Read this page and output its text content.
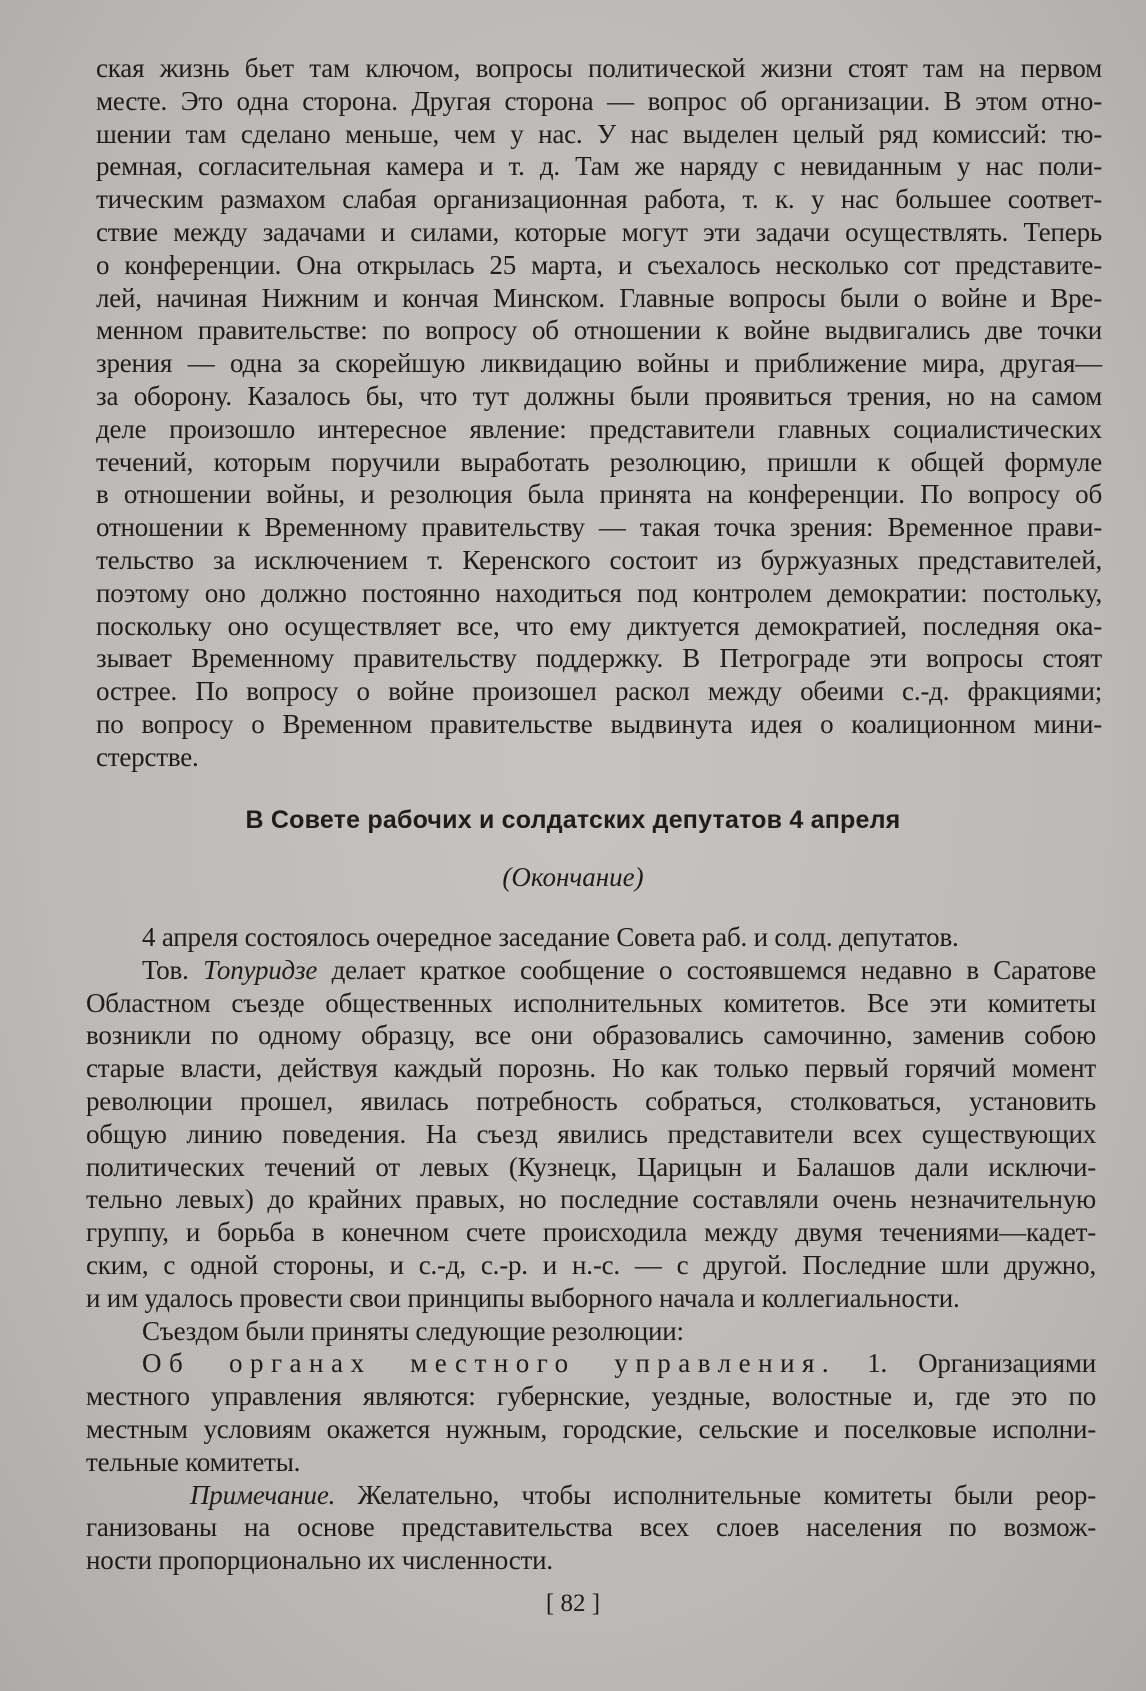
ская жизнь бьет там ключом, вопросы политической жизни стоят там на первом
месте. Это одна сторона. Другая сторона — вопрос об организации. В этом отно-
шении там сделано меньше, чем у нас. У нас выделен целый ряд комиссий: тю-
ремная, согласительная камера и т. д. Там же наряду с невиданным у нас поли-
тическим размахом слабая организационная работа, т. к. у нас большее соответ-
ствие между задачами и силами, которые могут эти задачи осуществлять. Теперь
о конференции. Она открылась 25 марта, и съехалось несколько сот представите-
лей, начиная Нижним и кончая Минском. Главные вопросы были о войне и Вре-
менном правительстве: по вопросу об отношении к войне выдвигались две точки
зрения — одна за скорейшую ликвидацию войны и приближение мира, другая—
за оборону. Казалось бы, что тут должны были проявиться трения, но на самом
деле произошло интересное явление: представители главных социалистических
течений, которым поручили выработать резолюцию, пришли к общей формуле
в отношении войны, и резолюция была принята на конференции. По вопросу об
отношении к Временному правительству — такая точка зрения: Временное прави-
тельство за исключением т. Керенского состоит из буржуазных представителей,
поэтому оно должно постоянно находиться под контролем демократии: постольку,
поскольку оно осуществляет все, что ему диктуется демократией, последняя ока-
зывает Временному правительству поддержку. В Петрограде эти вопросы стоят
острее. По вопросу о войне произошел раскол между обеими с.-д. фракциями;
по вопросу о Временном правительстве выдвинута идея о коалиционном мини-
стерстве.
В Совете рабочих и солдатских депутатов 4 апреля
(Окончание)
4 апреля состоялось очередное заседание Совета раб. и солд. депутатов.
Тов. Топуридзе делает краткое сообщение о состоявшемся недавно в Саратове
Областном съезде общественных исполнительных комитетов. Все эти комитеты
возникли по одному образцу, все они образовались самочинно, заменив собою
старые власти, действуя каждый порознь. Но как только первый горячий момент
революции прошел, явилась потребность собраться, столковаться, установить
общую линию поведения. На съезд явились представители всех существующих
политических течений от левых (Кузнецк, Царицын и Балашов дали исключи-
тельно левых) до крайних правых, но последние составляли очень незначительную
группу, и борьба в конечном счете происходила между двумя течениями—кадет-
ским, с одной стороны, и с.-д, с.-р. и н.-с. — с другой. Последние шли дружно,
и им удалось провести свои принципы выборного начала и коллегиальности.
Съездом были приняты следующие резолюции:
Об органах местного управления. 1. Организациями
местного управления являются: губернские, уездные, волостные и, где это по
местным условиям окажется нужным, городские, сельские и поселковые исполни-
тельные комитеты.
Примечание. Желательно, чтобы исполнительные комитеты были реор-
ганизованы на основе представительства всех слоев населения по возмож-
ности пропорционально их численности.
[ 82 ]
